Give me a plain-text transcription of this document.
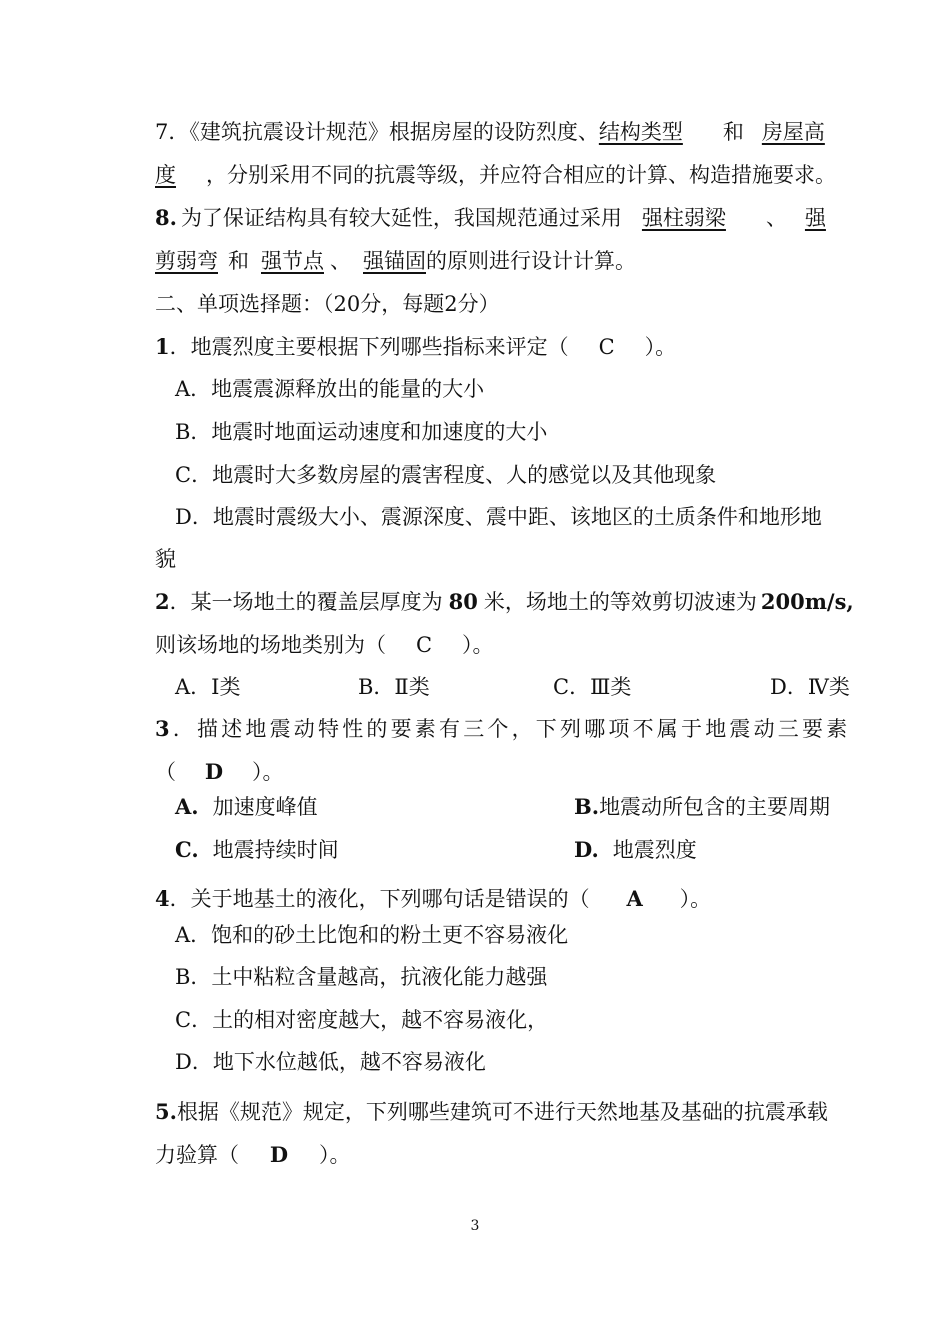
7．《建筑抗震设计规范》根据房屋的设防烈度、结构类型 和 房屋高
度 ，分别采用不同的抗震等级，并应符合相应的计算、构造措施要求。
8. 为了保证结构具有较大延性，我国规范通过采用 强柱弱梁 、 强
剪弱弯 和 强节点 、 强锚固的原则进行设计计算。
二、单项选择题：（20分，每题2分）
1．地震烈度主要根据下列哪些指标来评定（ C ）。
A．地震震源释放出的能量的大小
B．地震时地面运动速度和加速度的大小
C．地震时大多数房屋的震害程度、人的感觉以及其他现象
D．地震时震级大小、震源深度、震中距、该地区的土质条件和地形地
貌
2．某一场地土的覆盖层厚度为 80 米，场地土的等效剪切波速为 200m/s,
则该场地的场地类别为（ C ）。
A．Ⅰ类	B．Ⅱ类	C．Ⅲ类	D．Ⅳ类
3．描述地震动特性的要素有三个，下列哪项不属于地震动三要素
（ D ）。
A. 加速度峰值	B.地震动所包含的主要周期
C. 地震持续时间	D. 地震烈度
4．关于地基土的液化，下列哪句话是错误的（ A ）。
A．饱和的砂土比饱和的粉土更不容易液化
B．土中粘粒含量越高，抗液化能力越强
C．土的相对密度越大，越不容易液化，
D．地下水位越低，越不容易液化
5.根据《规范》规定，下列哪些建筑可不进行天然地基及基础的抗震承载
力验算（ D ）。
3
